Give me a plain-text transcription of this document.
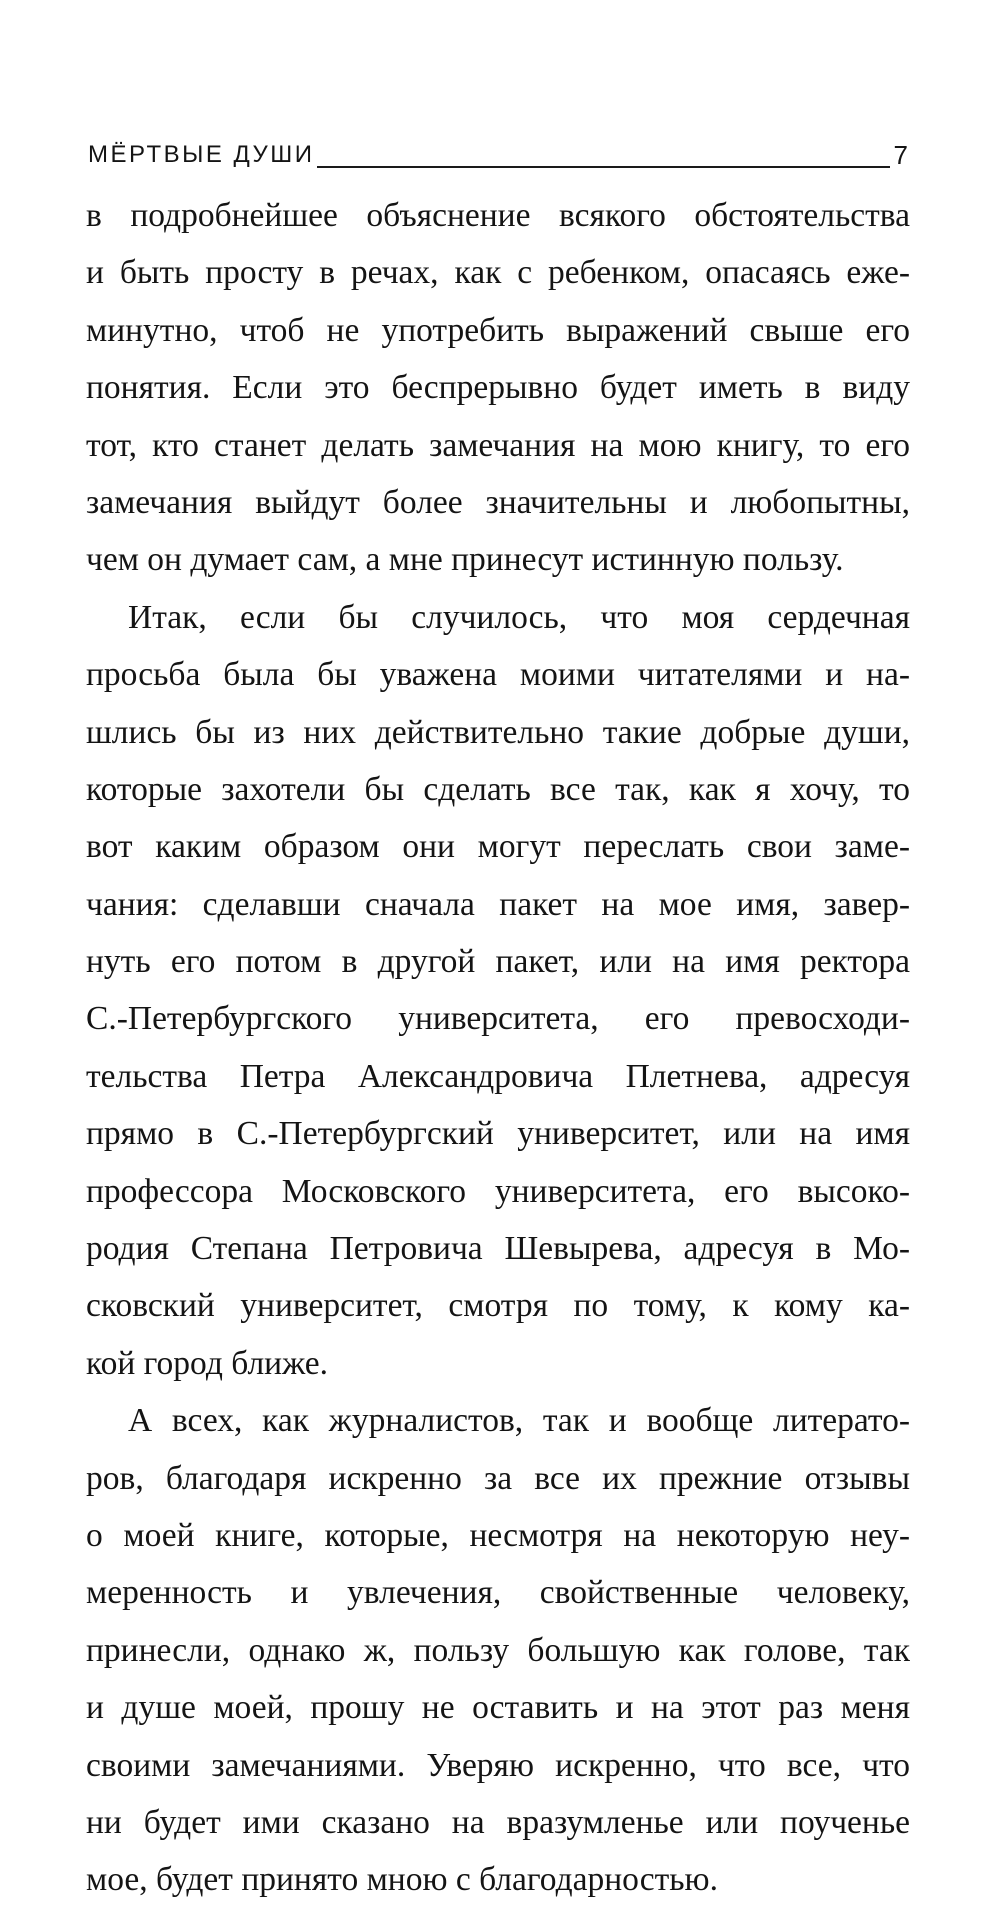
МЁРТВЫЕ ДУШИ	7
в подробнейшее объяснение всякого обстоятельства
и быть просту в речах, как с ребенком, опасаясь еже-
минутно, чтоб не употребить выражений свыше его
понятия. Если это беспрерывно будет иметь в виду
тот, кто станет делать замечания на мою книгу, то его
замечания выйдут более значительны и любопытны,
чем он думает сам, а мне принесут истинную пользу.
Итак, если бы случилось, что моя сердечная
просьба была бы уважена моими читателями и на-
шлись бы из них действительно такие добрые души,
которые захотели бы сделать все так, как я хочу, то
вот каким образом они могут переслать свои заме-
чания: сделавши сначала пакет на мое имя, завер-
нуть его потом в другой пакет, или на имя ректора
С.-Петербургского университета, его превосходи-
тельства Петра Александровича Плетнева, адресуя
прямо в С.-Петербургский университет, или на имя
профессора Московского университета, его высоко-
родия Степана Петровича Шевырева, адресуя в Мо-
сковский университет, смотря по тому, к кому ка-
кой город ближе.
А всех, как журналистов, так и вообще литерато-
ров, благодаря искренно за все их прежние отзывы
о моей книге, которые, несмотря на некоторую неу-
меренность и увлечения, свойственные человеку,
принесли, однако ж, пользу большую как голове, так
и душе моей, прошу не оставить и на этот раз меня
своими замечаниями. Уверяю искренно, что все, что
ни будет ими сказано на вразумленье или поученье
мое, будет принято мною с благодарностью.
